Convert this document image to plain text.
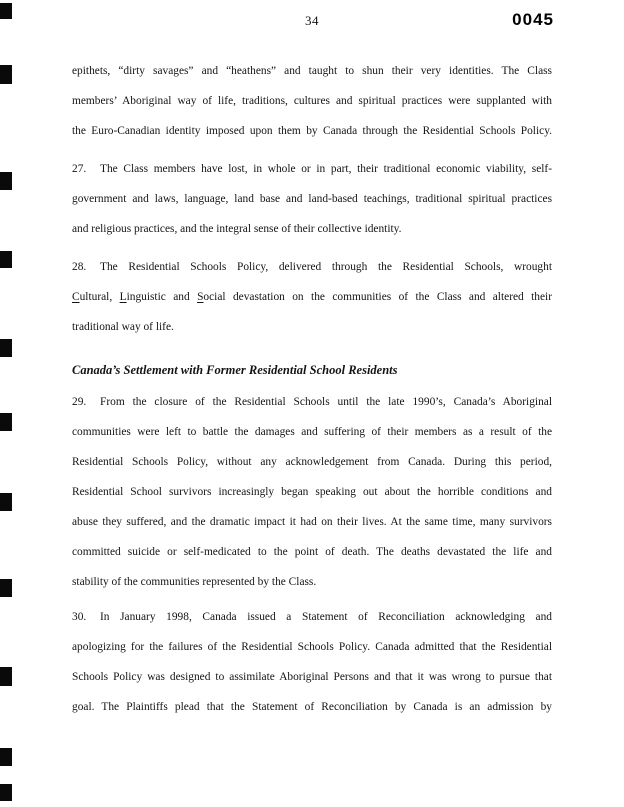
34	0045
epithets, “dirty savages” and “heathens” and taught to shun their very identities. The Class
members’ Aboriginal way of life, traditions, cultures and spiritual practices were supplanted with
the Euro-Canadian identity imposed upon them by Canada through the Residential Schools Policy.
27. The Class members have lost, in whole or in part, their traditional economic viability, self-
government and laws, language, land base and land-based teachings, traditional spiritual practices
and religious practices, and the integral sense of their collective identity.
28. The Residential Schools Policy, delivered through the Residential Schools, wrought
Cultural, Linguistic and Social devastation on the communities of the Class and altered their
traditional way of life.
Canada’s Settlement with Former Residential School Residents
29. From the closure of the Residential Schools until the late 1990’s, Canada’s Aboriginal
communities were left to battle the damages and suffering of their members as a result of the
Residential Schools Policy, without any acknowledgement from Canada. During this period,
Residential School survivors increasingly began speaking out about the horrible conditions and
abuse they suffered, and the dramatic impact it had on their lives. At the same time, many survivors
committed suicide or self-medicated to the point of death. The deaths devastated the life and
stability of the communities represented by the Class.
30. In January 1998, Canada issued a Statement of Reconciliation acknowledging and
apologizing for the failures of the Residential Schools Policy. Canada admitted that the Residential
Schools Policy was designed to assimilate Aboriginal Persons and that it was wrong to pursue that
goal. The Plaintiffs plead that the Statement of Reconciliation by Canada is an admission by
